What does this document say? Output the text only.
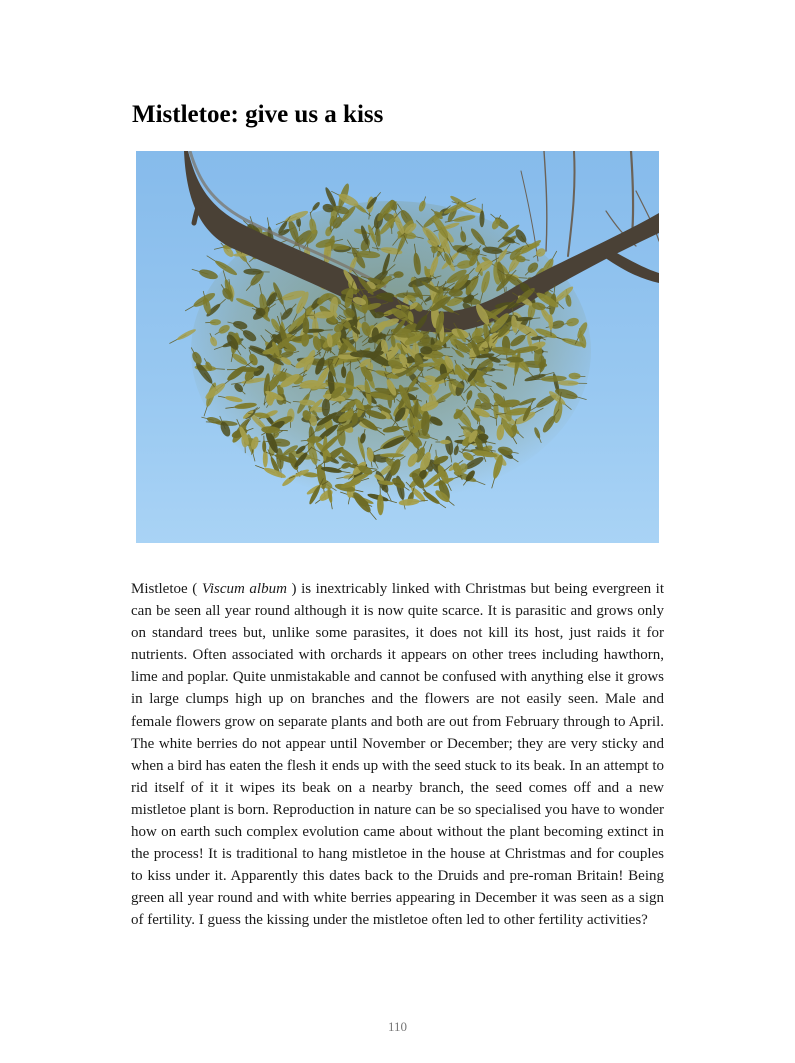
Mistletoe: give us a kiss

Mistletoe ( Viscum album ) is inextricably linked with Christmas but being evergreen it can be seen all year round although it is now quite scarce. It is parasitic and grows only on standard trees but, unlike some parasites, it does not kill its host, just raids it for nutrients. Often associated with orchards it appears on other trees including hawthorn, lime and poplar. Quite unmistakable and cannot be confused with anything else it grows in large clumps high up on branches and the flowers are not easily seen. Male and female flowers grow on separate plants and both are out from February through to April. The white berries do not appear until November or December; they are very sticky and when a bird has eaten the flesh it ends up with the seed stuck to its beak. In an attempt to rid itself of it it wipes its beak on a nearby branch, the seed comes off and a new mistletoe plant is born. Reproduction in nature can be so specialised you have to wonder how on earth such complex evolution came about without the plant becoming extinct in the process! It is traditional to hang mistletoe in the house at Christmas and for couples to kiss under it. Apparently this dates back to the Druids and pre-roman Britain! Being green all year round and with white berries appearing in December it was seen as a sign of fertility. I guess the kissing under the mistletoe often led to other fertility activities?

110
